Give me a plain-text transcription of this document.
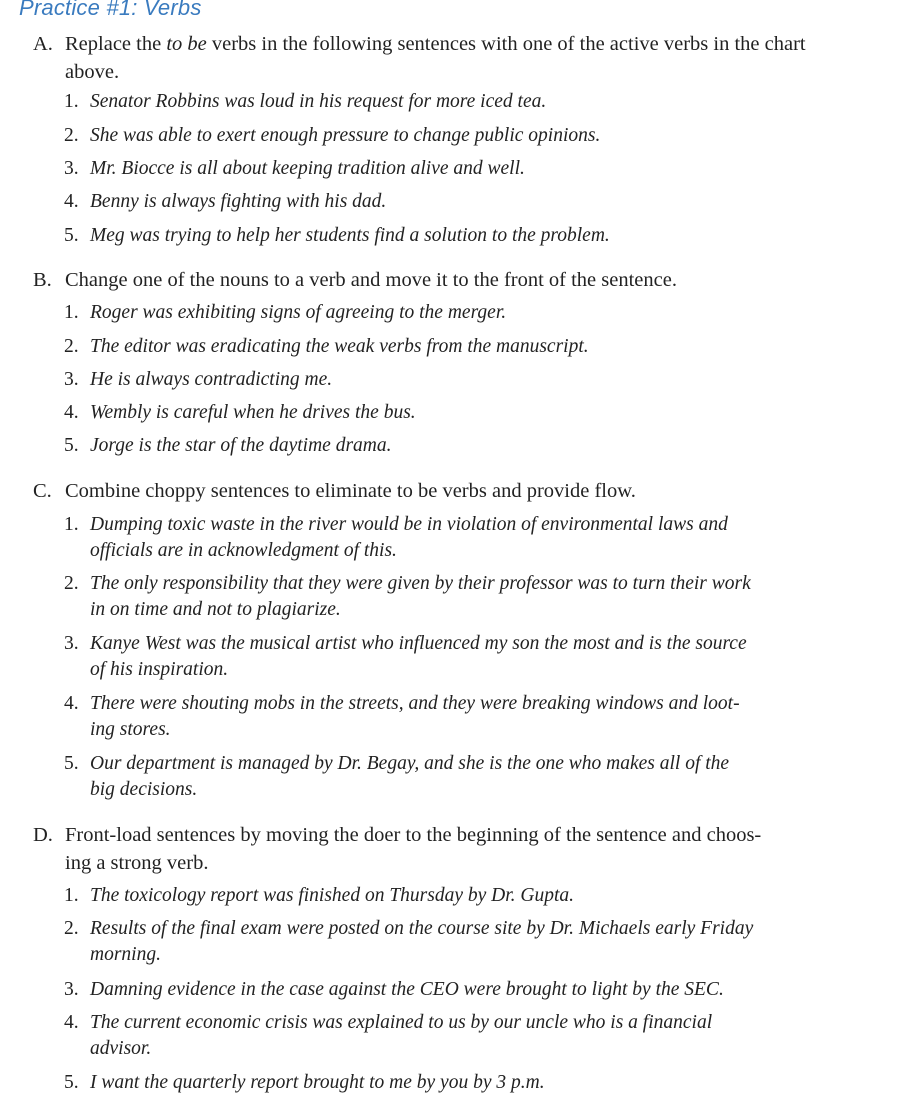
Practice #1: Verbs
A. Replace the to be verbs in the following sentences with one of the active verbs in the chart above.
1. Senator Robbins was loud in his request for more iced tea.
2. She was able to exert enough pressure to change public opinions.
3. Mr. Biocce is all about keeping tradition alive and well.
4. Benny is always fighting with his dad.
5. Meg was trying to help her students find a solution to the problem.
B. Change one of the nouns to a verb and move it to the front of the sentence.
1. Roger was exhibiting signs of agreeing to the merger.
2. The editor was eradicating the weak verbs from the manuscript.
3. He is always contradicting me.
4. Wembly is careful when he drives the bus.
5. Jorge is the star of the daytime drama.
C. Combine choppy sentences to eliminate to be verbs and provide flow.
1. Dumping toxic waste in the river would be in violation of environmental laws and
officials are in acknowledgment of this.
2. The only responsibility that they were given by their professor was to turn their work
in on time and not to plagiarize.
3. Kanye West was the musical artist who influenced my son the most and is the source
of his inspiration.
4. There were shouting mobs in the streets, and they were breaking windows and loot-
ing stores.
5. Our department is managed by Dr. Begay, and she is the one who makes all of the
big decisions.
D. Front-load sentences by moving the doer to the beginning of the sentence and choos-
ing a strong verb.
1. The toxicology report was finished on Thursday by Dr. Gupta.
2. Results of the final exam were posted on the course site by Dr. Michaels early Friday
morning.
3. Damning evidence in the case against the CEO were brought to light by the SEC.
4. The current economic crisis was explained to us by our uncle who is a financial
advisor.
5. I want the quarterly report brought to me by you by 3 p.m.
